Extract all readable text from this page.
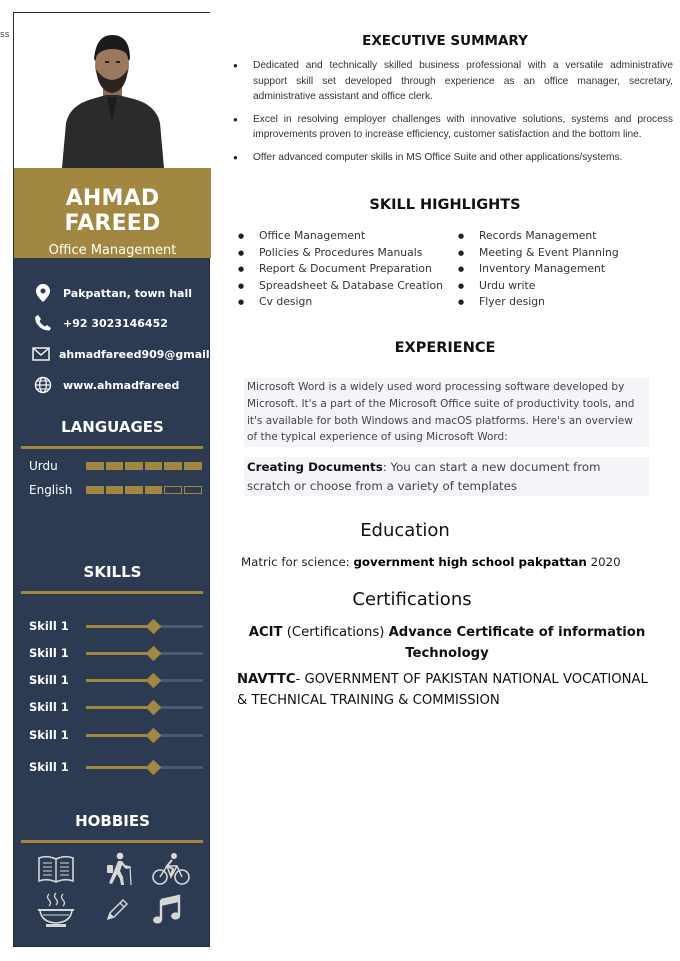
ss
AHMAD FAREED
Office Management
Pakpattan, town hall
+92 3023146452
ahmadfareed909@gmail.com
www.ahmadfareed
LANGUAGES
Urdu
English
SKILLS
Skill 1
Skill 1
Skill 1
Skill 1
Skill 1
Skill 1
HOBBIES
EXECUTIVE SUMMARY
● Dedicated and technically skilled business professional with a versatile administrative support skill set developed through experience as an office manager, secretary, administrative assistant and office clerk.
● Excel in resolving employer challenges with innovative solutions, systems and process improvements proven to increase efficiency, customer satisfaction and the bottom line.
● Offer advanced computer skills in MS Office Suite and other applications/systems.
SKILL HIGHLIGHTS
● Office Management
● Policies & Procedures Manuals
● Report & Document Preparation
● Spreadsheet & Database Creation
● Cv design
● Records Management
● Meeting & Event Planning
● Inventory Management
● Urdu write
● Flyer design
EXPERIENCE
Microsoft Word is a widely used word processing software developed by Microsoft. It's a part of the Microsoft Office suite of productivity tools, and it's available for both Windows and macOS platforms. Here's an overview of the typical experience of using Microsoft Word:
Creating Documents: You can start a new document from scratch or choose from a variety of templates
Education
Matric for science: government high school pakpattan 2020
Certifications
ACIT (Certifications) Advance Certificate of information Technology
NAVTTC- GOVERNMENT OF PAKISTAN NATIONAL VOCATIONAL & TECHNICAL TRAINING & COMMISSION
